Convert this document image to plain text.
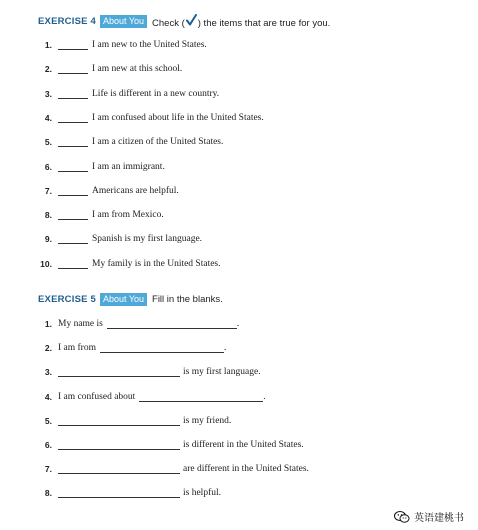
EXERCISE 4 About You Check ( ) the items that are true for you.
1.	I am new to the United States.
2.	I am new at this school.
3.	Life is different in a new country.
4.	I am confused about life in the United States.
5.	I am a citizen of the United States.
6.	I am an immigrant.
7.	Americans are helpful.
8.	I am from Mexico.
9.	Spanish is my first language.
10.	My family is in the United States.
EXERCISE 5 About You Fill in the blanks.
1. My name is	.
2. I am from	.
3.	is my first language.
4. I am confused about	.
5.	is my friend.
6.	is different in the United States.
7.	are different in the United States.
8.	is helpful.
英语建桃书
